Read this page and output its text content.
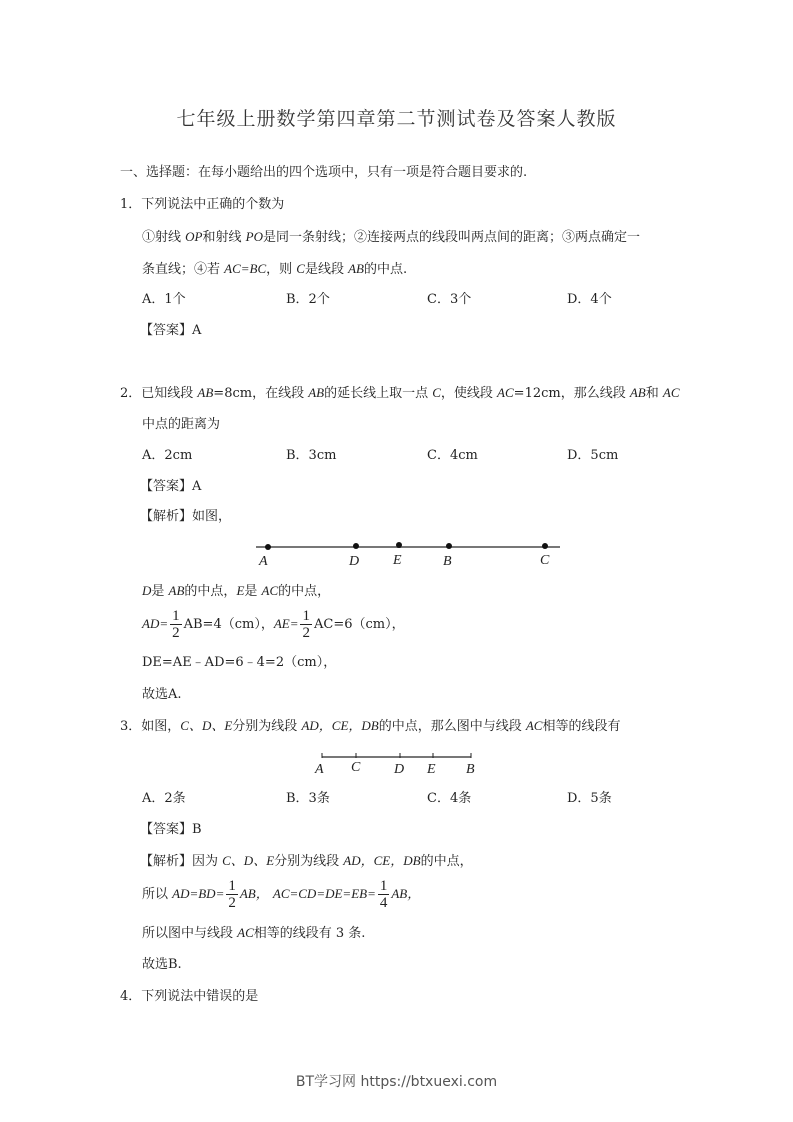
七年级上册数学第四章第二节测试卷及答案人教版
一、选择题：在每小题给出的四个选项中，只有一项是符合题目要求的.
1．下列说法中正确的个数为
①射线 OP和射线 PO是同一条射线；②连接两点的线段叫两点间的距离；③两点确定一
条直线；④若 AC=BC，则 C是线段 AB的中点.
A．1个	B．2个	C．3个	D．4个
【答案】A
2．已知线段 AB=8cm，在线段 AB的延长线上取一点 C，使线段 AC=12cm，那么线段 AB和 AC
中点的距离为
A．2cm	B．3cm	C．4cm	D．5cm
【答案】A
【解析】如图，
A	D E	B	C
D是 AB的中点，E是 AC的中点，
$AD= \frac{1}{2} AB=4(cm)$，$AE= \frac{1}{2} AC=6(cm)$，
DE=AE﹣AD=6﹣4=2（cm），
故选A.
3．如图，C、D、E分别为线段 AD，CE，DB的中点，那么图中与线段 AC相等的线段有
A C D E B
A．2条	B．3条	C．4条	D．5条
【答案】B
【解析】因为 C、D、E分别为线段 AD，CE，DB的中点，
所以 $AD=BD= \frac{1}{2}$ AB， $AC=CD=DE=EB= \frac{1}{4}$ AB，
所以图中与线段 AC相等的线段有 3 条.
故选B.
4．下列说法中错误的是
BT学习网 https://btxuexi.com
